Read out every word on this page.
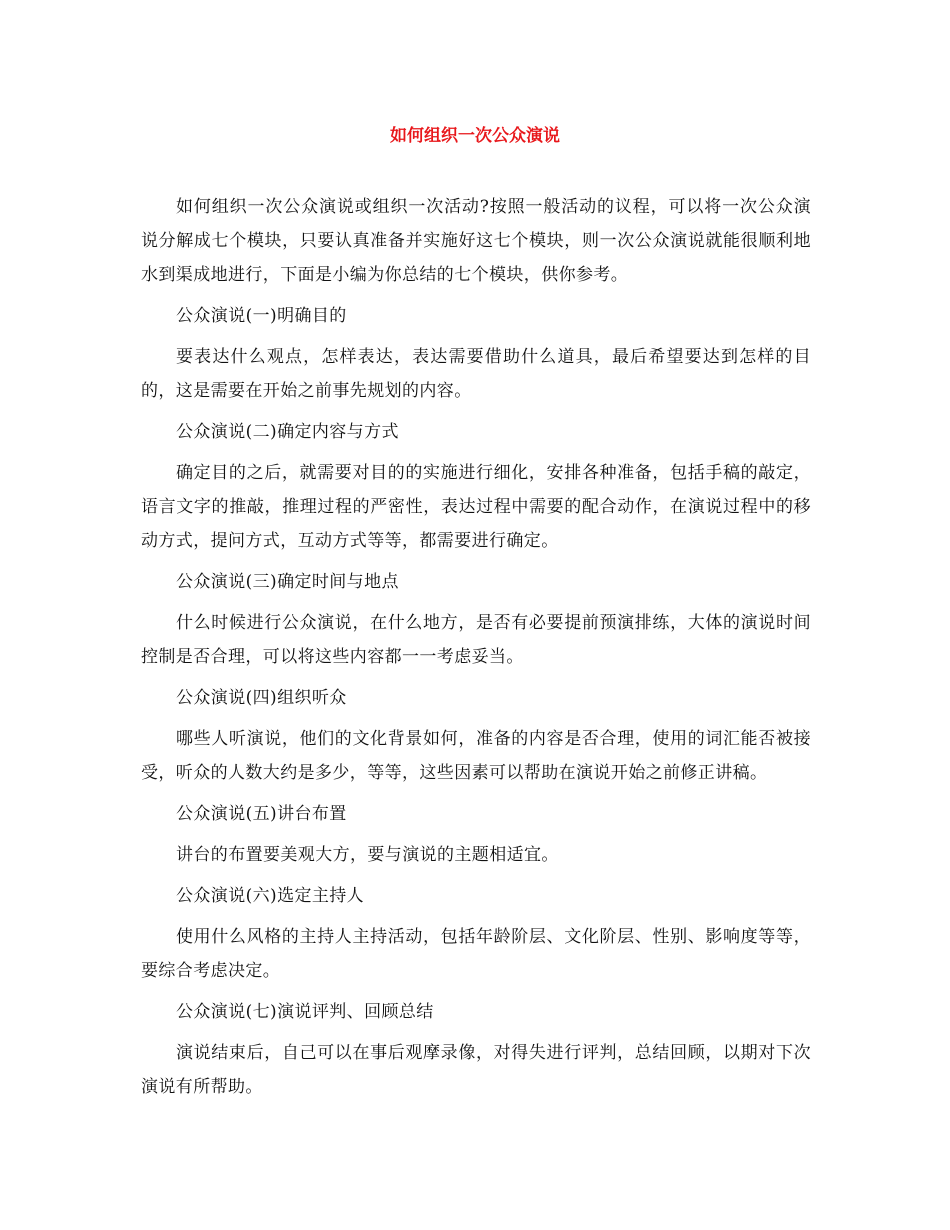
如何组织一次公众演说

如何组织一次公众演说或组织一次活动?按照一般活动的议程，可以将一次公众演说分解成七个模块，只要认真准备并实施好这七个模块，则一次公众演说就能很顺利地水到渠成地进行，下面是小编为你总结的七个模块，供你参考。

公众演说(一)明确目的

要表达什么观点，怎样表达，表达需要借助什么道具，最后希望要达到怎样的目的，这是需要在开始之前事先规划的内容。

公众演说(二)确定内容与方式

确定目的之后，就需要对目的的实施进行细化，安排各种准备，包括手稿的敲定，语言文字的推敲，推理过程的严密性，表达过程中需要的配合动作，在演说过程中的移动方式，提问方式，互动方式等等，都需要进行确定。

公众演说(三)确定时间与地点

什么时候进行公众演说，在什么地方，是否有必要提前预演排练，大体的演说时间控制是否合理，可以将这些内容都一一考虑妥当。

公众演说(四)组织听众

哪些人听演说，他们的文化背景如何，准备的内容是否合理，使用的词汇能否被接受，听众的人数大约是多少，等等，这些因素可以帮助在演说开始之前修正讲稿。

公众演说(五)讲台布置

讲台的布置要美观大方，要与演说的主题相适宜。

公众演说(六)选定主持人

使用什么风格的主持人主持活动，包括年龄阶层、文化阶层、性别、影响度等等，要综合考虑决定。

公众演说(七)演说评判、回顾总结

演说结束后，自己可以在事后观摩录像，对得失进行评判，总结回顾，以期对下次演说有所帮助。
